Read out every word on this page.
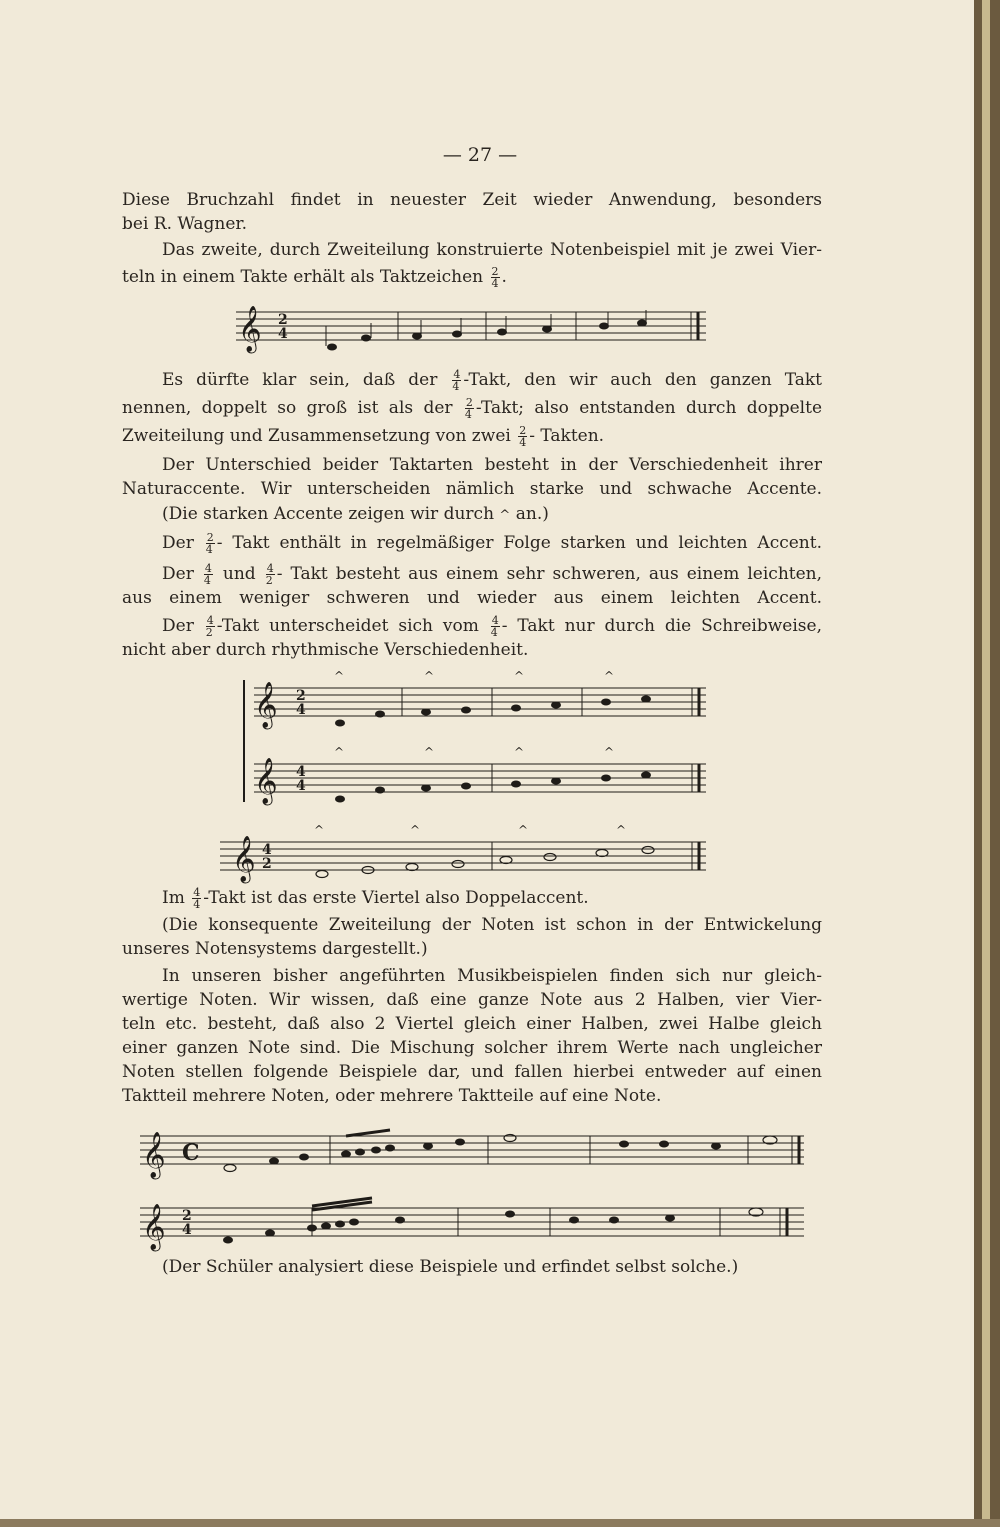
— 27 —
Diese Bruchzahl findet in neuester Zeit wieder Anwendung, besonders
bei R. Wagner.
Das zweite, durch Zweiteilung konstruierte Notenbeispiel mit je zwei Vier-
teln in einem Takte erhält als Taktzeichen $\frac{2}{4}$ .
𝄞 2
4
Es dürfte klar sein, daß der $\frac{4}{4}$ -Takt, den wir auch den ganzen Takt
nennen, doppelt so groß ist als der $\frac{2}{4}$ -Takt; also entstanden durch doppelte
Zweiteilung und Zusammensetzung von zwei $\frac{2}{4}$ - Takten.
Der Unterschied beider Taktarten besteht in der Verschiedenheit ihrer
Naturaccente. Wir unterscheiden nämlich starke und schwache Accente.
(Die starken Accente zeigen wir durch ^ an.)
Der $\frac{2}{4}$ - Takt enthält in regelmäßiger Folge starken und leichten Accent.
Der $\frac{4}{4}$ und $\frac{4}{2}$ - Takt besteht aus einem sehr schweren, aus einem leichten,
aus einem weniger schweren und wieder aus einem leichten Accent.
Der $\frac{4}{2}$ -Takt unterscheidet sich vom $\frac{4}{4}$ - Takt nur durch die Schreibweise,
nicht aber durch rhythmische Verschiedenheit.
𝄞
𝄞
𝄞
2
4
4
4
4
2
^	^	^	^
^	^	^	^
^	^	^	^
Im $\frac{4}{4}$ -Takt ist das erste Viertel also Doppelaccent.
(Die konsequente Zweiteilung der Noten ist schon in der Entwickelung
unseres Notensystems dargestellt.)
In unseren bisher angeführten Musikbeispielen finden sich nur gleich-
wertige Noten. Wir wissen, daß eine ganze Note aus 2 Halben, vier Vier-
teln etc. besteht, daß also 2 Viertel gleich einer Halben, zwei Halbe gleich
einer ganzen Note sind. Die Mischung solcher ihrem Werte nach ungleicher
Noten stellen folgende Beispiele dar, und fallen hierbei entweder auf einen
Taktteil mehrere Noten, oder mehrere Taktteile auf eine Note.
𝄞 C
𝄞 2
4
(Der Schüler analysiert diese Beispiele und erfindet selbst solche.)
